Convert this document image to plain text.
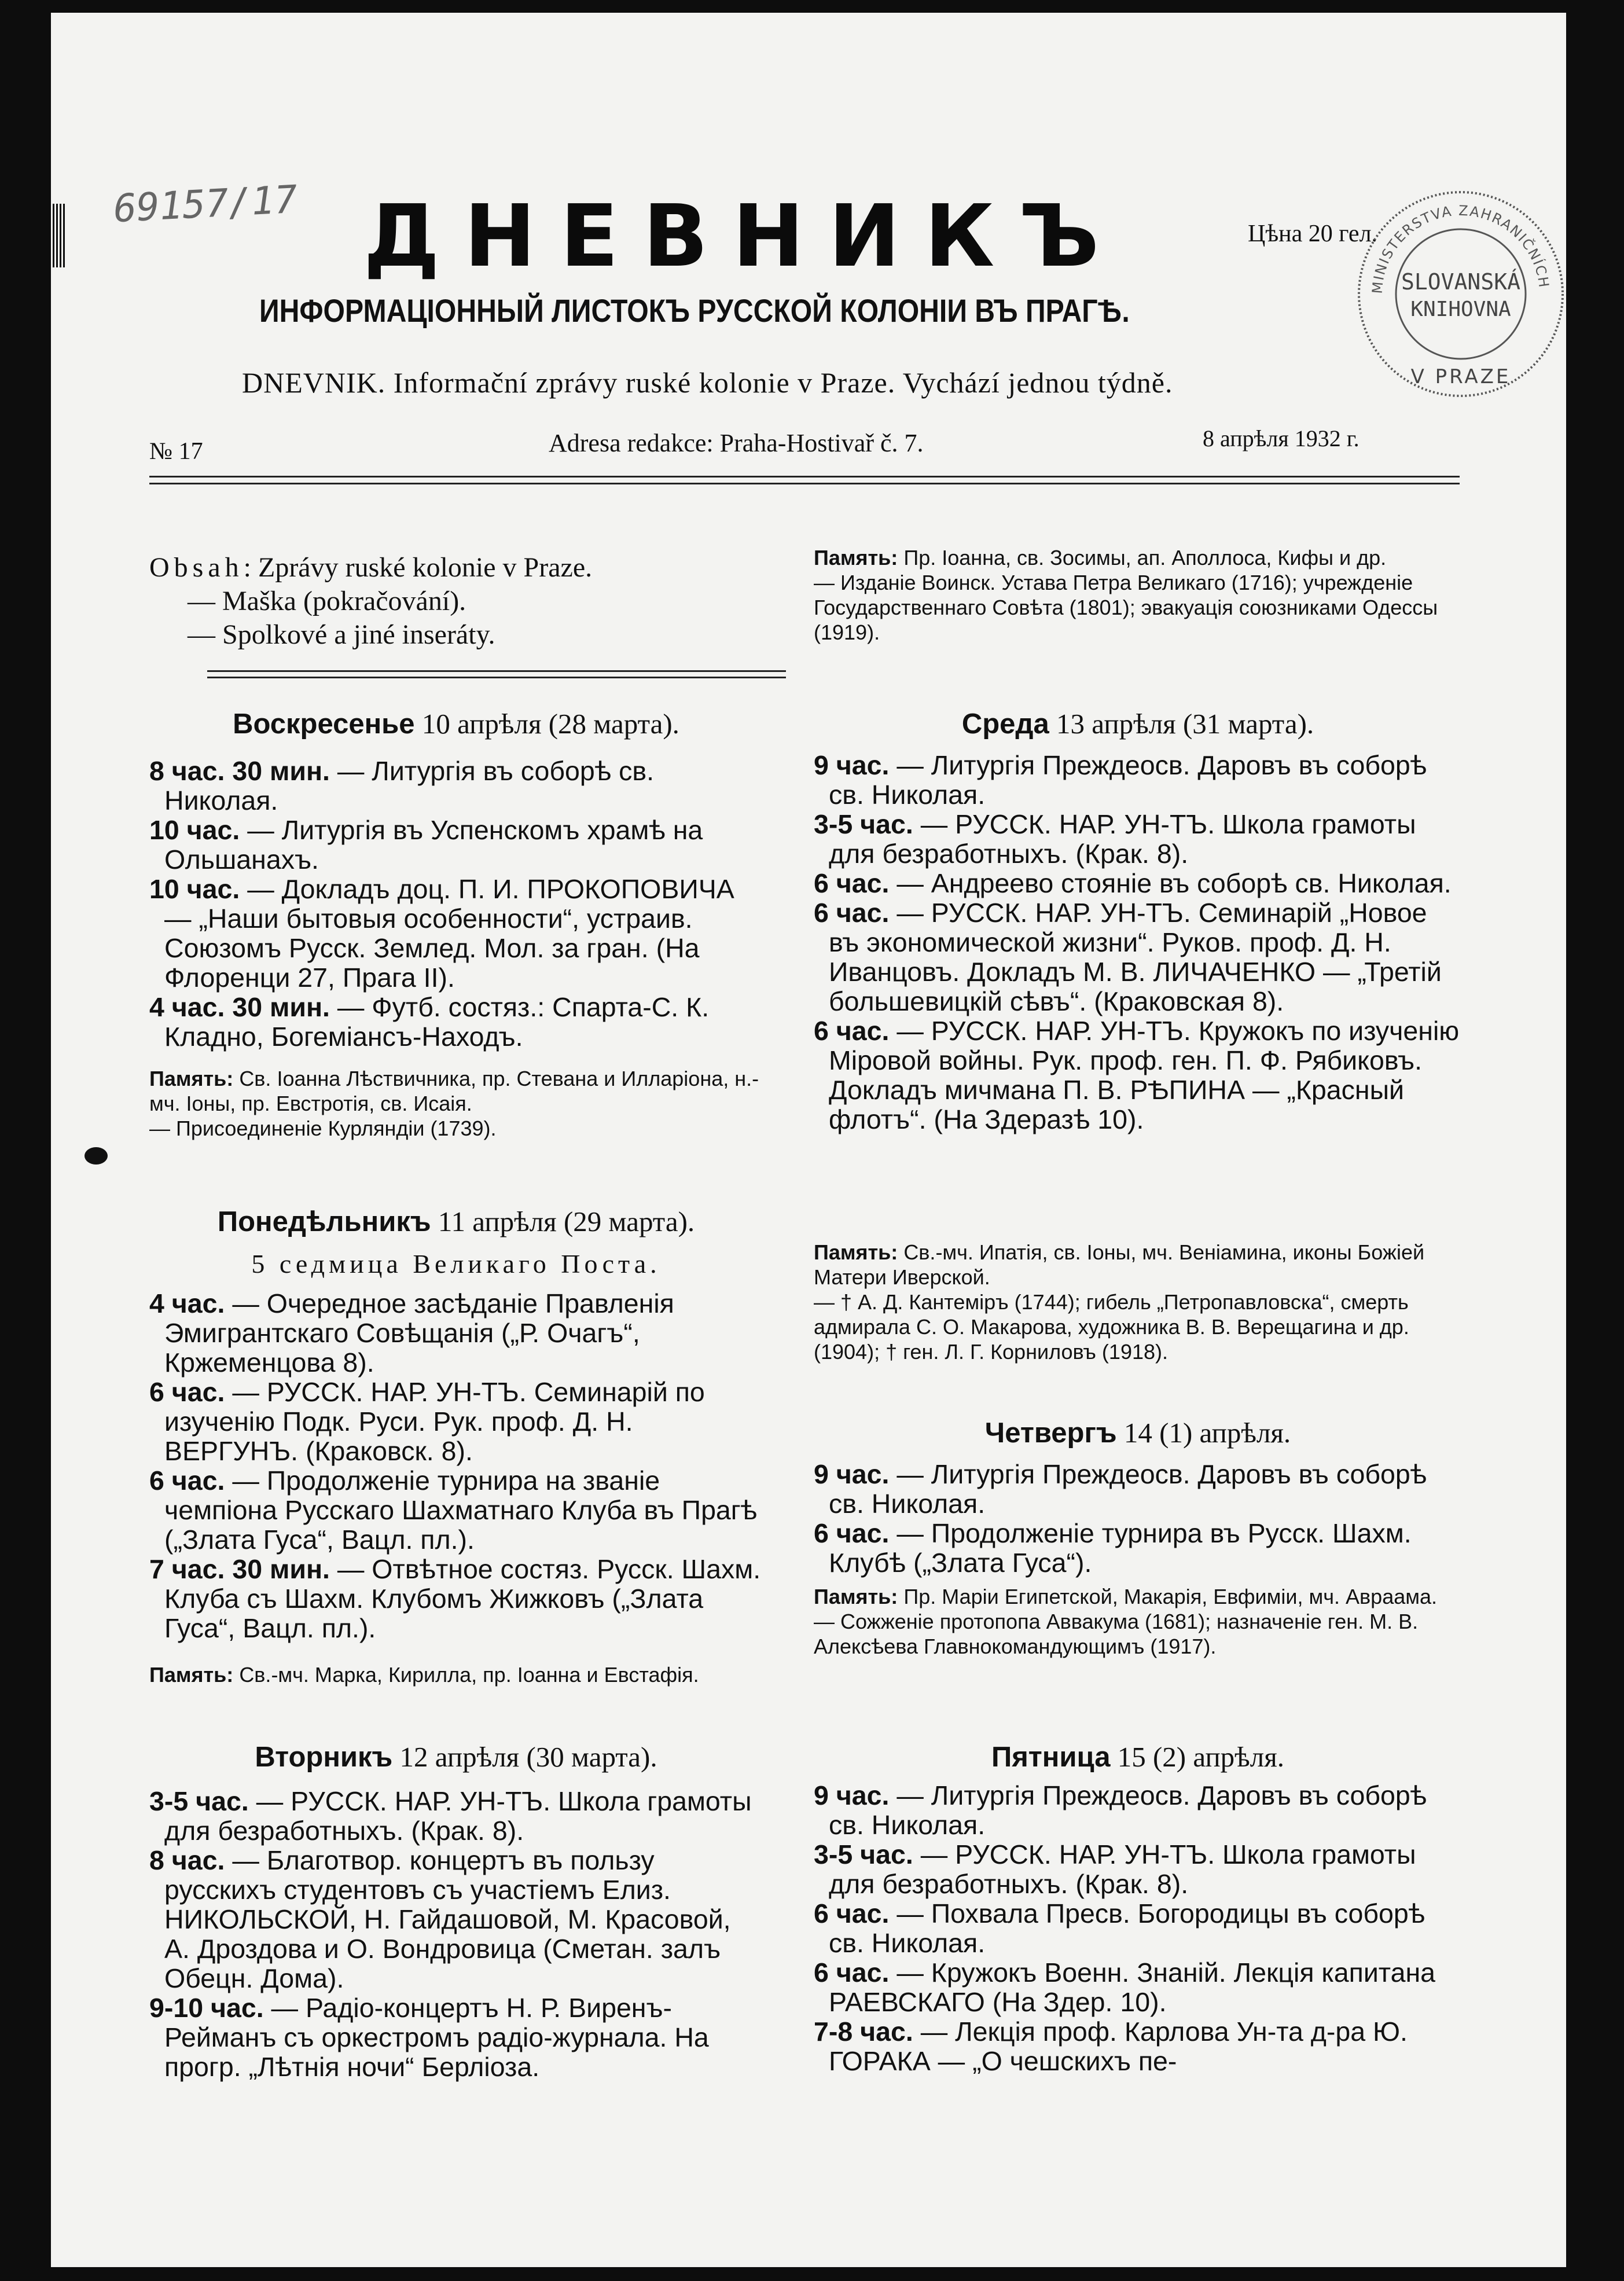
69157/17 ДНЕВНИКЪ	Цѣна 20 гел.
ИНФОРМАЦІОННЫЙ ЛИСТОКЪ РУССКОЙ КОЛОНІИ ВЪ ПРАГѢ.
DNEVNIK. Informační zprávy ruské kolonie v Praze. Vychází jednou týdně.
№ 17	Adresa redakce: Praha-Hostivař č. 7.	8 апрѣля 1932 г.
MINISTERSTVA ZAHRANIČNÍCH
SLOVANSKÁ
KNIHOVNA
V PRAZE
Obsah: Zprávy ruské kolonie v Praze.
— Maška (pokračování).
— Spolkové a jiné inseráty.
Воскресенье 10 апрѣля (28 марта).
8 час. 30 мин. — Литургія въ соборѣ св. Николая.
10 час. — Литургія въ Успенскомъ храмѣ на Ольшанахъ.
10 час. — Докладъ доц. П. И. ПРОКОПОВИЧА — „Наши бытовыя особенности“, устраив. Союзомъ Русск. Землед. Мол. за гран. (На Флоренци 27, Прага II).
4 час. 30 мин. — Футб. состяз.: Спарта-С. К. Кладно, Богеміансъ-Находъ.
Память: Св. Іоанна Лѣствичника, пр. Стевана и Илларіона, н.-мч. Іоны, пр. Евстротія, св. Исаія.
— Присоединеніе Курляндіи (1739).
Понедѣльникъ 11 апрѣля (29 марта).
5 седмица Великаго Поста.
4 час. — Очередное засѣданіе Правленія Эмигрантскаго Совѣщанія („Р. Очагъ“, Кржеменцова 8).
6 час. — РУССК. НАР. УН-ТЪ. Семинарій по изученію Подк. Руси. Рук. проф. Д. Н. ВЕРГУНЪ. (Краковск. 8).
6 час. — Продолженіе турнира на званіе чемпіона Русскаго Шахматнаго Клуба въ Прагѣ („Злата Гуса“, Вацл. пл.).
7 час. 30 мин. — Отвѣтное состяз. Русск. Шахм. Клуба съ Шахм. Клубомъ Жижковъ („Злата Гуса“, Вацл. пл.).
Память: Св.-мч. Марка, Кирилла, пр. Іоанна и Евстафія.
Вторникъ 12 апрѣля (30 марта).
3-5 час. — РУССК. НАР. УН-ТЪ. Школа грамоты для безработныхъ. (Крак. 8).
8 час. — Благотвор. концертъ въ пользу русскихъ студентовъ съ участіемъ Елиз. НИКОЛЬСКОЙ, Н. Гайдашовой, М. Красовой, А. Дроздова и О. Вондровица (Сметан. залъ Обецн. Дома).
9-10 час. — Радіо-концертъ Н. Р. Виренъ-Рейманъ съ оркестромъ радіо-журнала. На прогр. „Лѣтнія ночи“ Берліоза.
Память: Пр. Іоанна, св. Зосимы, ап. Аполлоса, Кифы и др.
— Изданіе Воинск. Устава Петра Великаго (1716); учрежденіе Государственнаго Совѣта (1801); эвакуація союзниками Одессы (1919).
Среда 13 апрѣля (31 марта).
9 час. — Литургія Преждеосв. Даровъ въ соборѣ св. Николая.
3-5 час. — РУССК. НАР. УН-ТЪ. Школа грамоты для безработныхъ. (Крак. 8).
6 час. — Андреево стояніе въ соборѣ св. Николая.
6 час. — РУССК. НАР. УН-ТЪ. Семинарій „Новое въ экономической жизни“. Руков. проф. Д. Н. Иванцовъ. Докладъ М. В. ЛИЧАЧЕНКО — „Третій большевицкій сѣвъ“. (Краковская 8).
6 час. — РУССК. НАР. УН-ТЪ. Кружокъ по изученію Міровой войны. Рук. проф. ген. П. Ф. Рябиковъ. Докладъ мичмана П. В. РѢПИНА — „Красный флотъ“. (На Здеразѣ 10).
Память: Св.-мч. Ипатія, св. Іоны, мч. Веніамина, иконы Божіей Матери Иверской.
— † А. Д. Кантеміръ (1744); гибель „Петропавловска“, смерть адмирала С. О. Макарова, художника В. В. Верещагина и др. (1904); † ген. Л. Г. Корниловъ (1918).
Четвергъ 14 (1) апрѣля.
9 час. — Литургія Преждеосв. Даровъ въ соборѣ св. Николая.
6 час. — Продолженіе турнира въ Русск. Шахм. Клубѣ („Злата Гуса“).
Память: Пр. Маріи Египетской, Макарія, Евфиміи, мч. Авраама.
— Сожженіе протопопа Аввакума (1681); назначеніе ген. М. В. Алексѣева Главнокомандующимъ (1917).
Пятница 15 (2) апрѣля.
9 час. — Литургія Преждеосв. Даровъ въ соборѣ св. Николая.
3-5 час. — РУССК. НАР. УН-ТЪ. Школа грамоты для безработныхъ. (Крак. 8).
6 час. — Похвала Пресв. Богородицы въ соборѣ св. Николая.
6 час. — Кружокъ Военн. Знаній. Лекція капитана РАЕВСКАГО (На Здер. 10).
7-8 час. — Лекція проф. Карлова Ун-та д-ра Ю. ГОРАКА — „О чешскихъ пе-
